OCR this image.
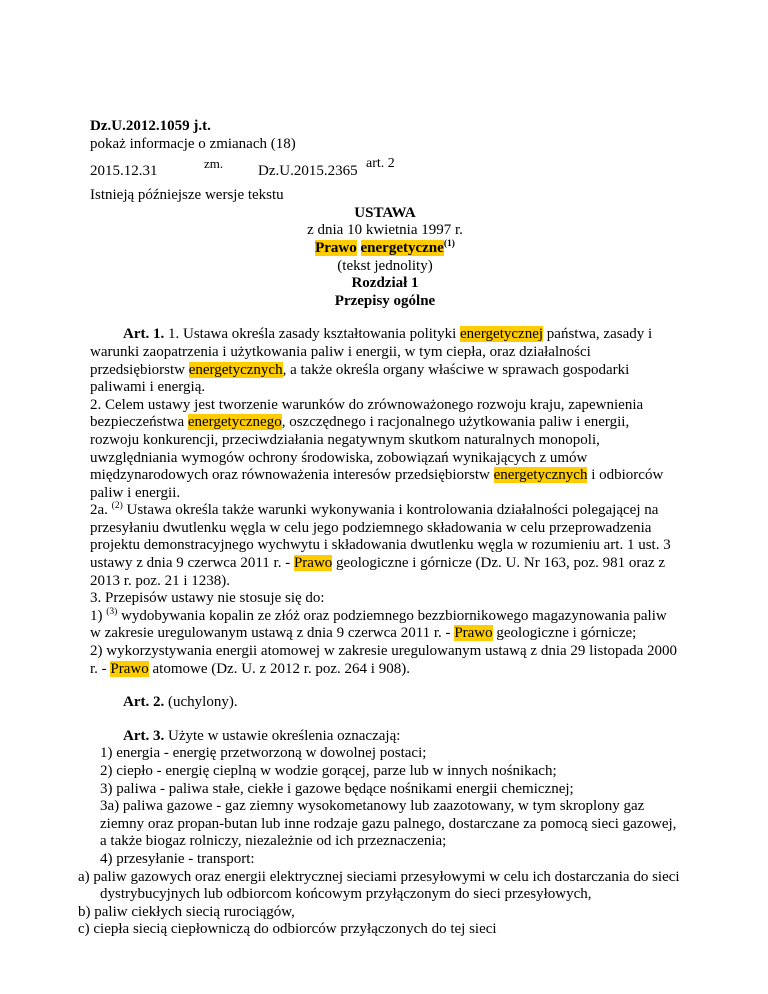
Dz.U.2012.1059 j.t.

pokaż informacje o zmianach (18)

2015.12.31	zm. Dz.U.2015.2365 art. 2

Istnieją późniejsze wersje tekstu

USTAWA

z dnia 10 kwietnia 1997 r.

Prawo energetyczne$^{(1)}$

(tekst jednolity)

Rozdział 1

Przepisy ogólne

Art. 1. 1. Ustawa określa zasady kształtowania polityki energetycznej państwa, zasady i warunki zaopatrzenia i użytkowania paliw i energii, w tym ciepła, oraz działalności przedsiębiorstw energetycznych, a także określa organy właściwe w sprawach gospodarki paliwami i energią.

2. Celem ustawy jest tworzenie warunków do zrównoważonego rozwoju kraju, zapewnienia bezpieczeństwa energetycznego, oszczędnego i racjonalnego użytkowania paliw i energii, rozwoju konkurencji, przeciwdziałania negatywnym skutkom naturalnych monopoli, uwzględniania wymogów ochrony środowiska, zobowiązań wynikających z umów międzynarodowych oraz równoważenia interesów przedsiębiorstw energetycznych i odbiorców paliw i energii.

2a. $^{(2)}$ Ustawa określa także warunki wykonywania i kontrolowania działalności polegającej na przesyłaniu dwutlenku węgla w celu jego podziemnego składowania w celu przeprowadzenia projektu demonstracyjnego wychwytu i składowania dwutlenku węgla w rozumieniu art. 1 ust. 3 ustawy z dnia 9 czerwca 2011 r. - Prawo geologiczne i górnicze (Dz. U. Nr 163, poz. 981 oraz z 2013 r. poz. 21 i 1238).

3. Przepisów ustawy nie stosuje się do:

1) $^{(3)}$ wydobywania kopalin ze złóż oraz podziemnego bezzbiornikowego magazynowania paliw w zakresie uregulowanym ustawą z dnia 9 czerwca 2011 r. - Prawo geologiczne i górnicze;

2) wykorzystywania energii atomowej w zakresie uregulowanym ustawą z dnia 29 listopada 2000 r. - Prawo atomowe (Dz. U. z 2012 r. poz. 264 i 908).

Art. 2. (uchylony).

Art. 3. Użyte w ustawie określenia oznaczają:

1) energia - energię przetworzoną w dowolnej postaci;

2) ciepło - energię cieplną w wodzie gorącej, parze lub w innych nośnikach;

3) paliwa - paliwa stałe, ciekłe i gazowe będące nośnikami energii chemicznej;

3a) paliwa gazowe - gaz ziemny wysokometanowy lub zaazotowany, w tym skroplony gaz ziemny oraz propan-butan lub inne rodzaje gazu palnego, dostarczane za pomocą sieci gazowej, a także biogaz rolniczy, niezależnie od ich przeznaczenia;

4) przesyłanie - transport:

a) paliw gazowych oraz energii elektrycznej sieciami przesyłowymi w celu ich dostarczania do sieci dystrybucyjnych lub odbiorcom końcowym przyłączonym do sieci przesyłowych,

b) paliw ciekłych siecią rurociągów,

c) ciepła siecią ciepłowniczą do odbiorców przyłączonych do tej sieci
